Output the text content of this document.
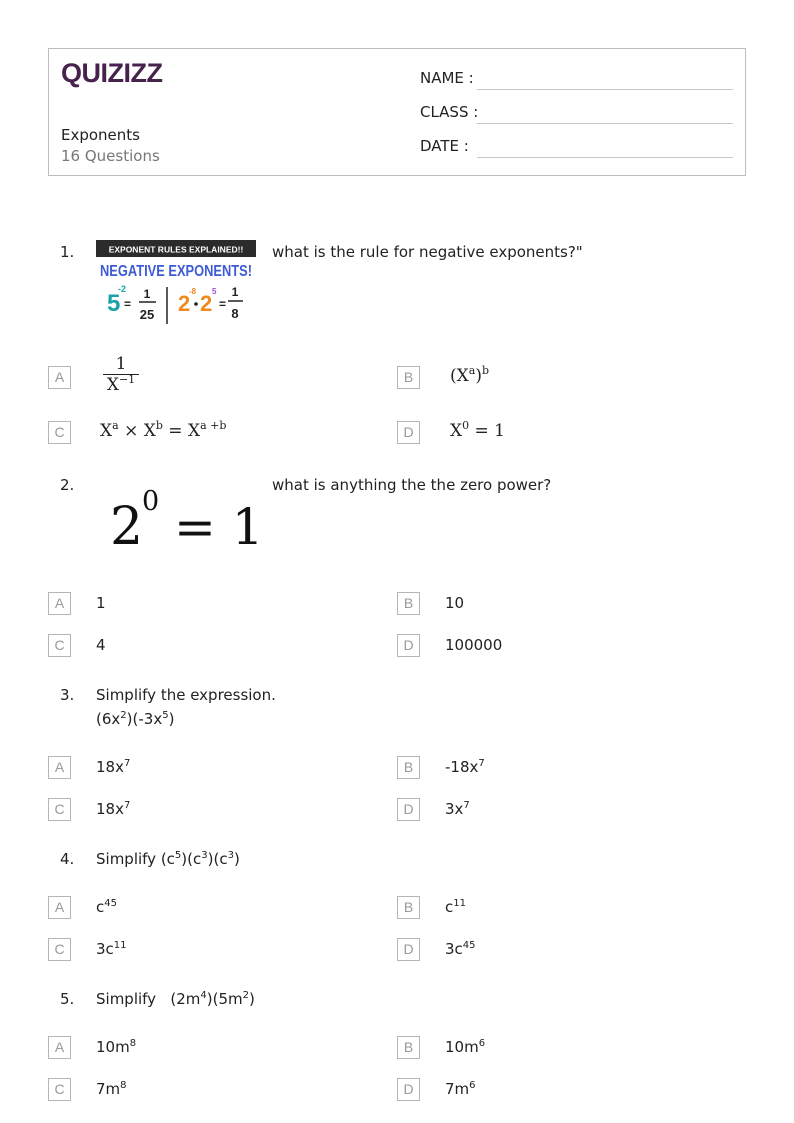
QUIZIZZ
Exponents
16 Questions
NAME :
CLASS :
DATE :
1.	EXPONENT RULES EXPLAINED!!
NEGATIVE EXPONENTS!
5
-2
=
1
25 2
-8 2 5
=
1
8
what is the rule for negative exponents?"
A
1
$X^{-1}$	B	$(X^a)^b$
C	$X^a \times X^b = X^{a +b}$	D	$X^0 = 1$
2.
2
0 = 1
what is anything the the zero power?
A	1	B	10
C	4	D	100000
3. Simplify the expression.
$(6x^2)(-3x^5)$
A	$18x^7$	B	$-18x^7$
C	$18x^7$	D	$3x^7$
4. Simplify $(c^5)(c^3)(c^3)$
A	$c^{45}$	B	$c^{11}$
C	$3c^{11}$	D	$3c^{45}$
5. Simplify   $(2m^4)(5m^2)$
A	$10m^8$	B	$10m^6$
C	$7m^8$	D	$7m^6$
